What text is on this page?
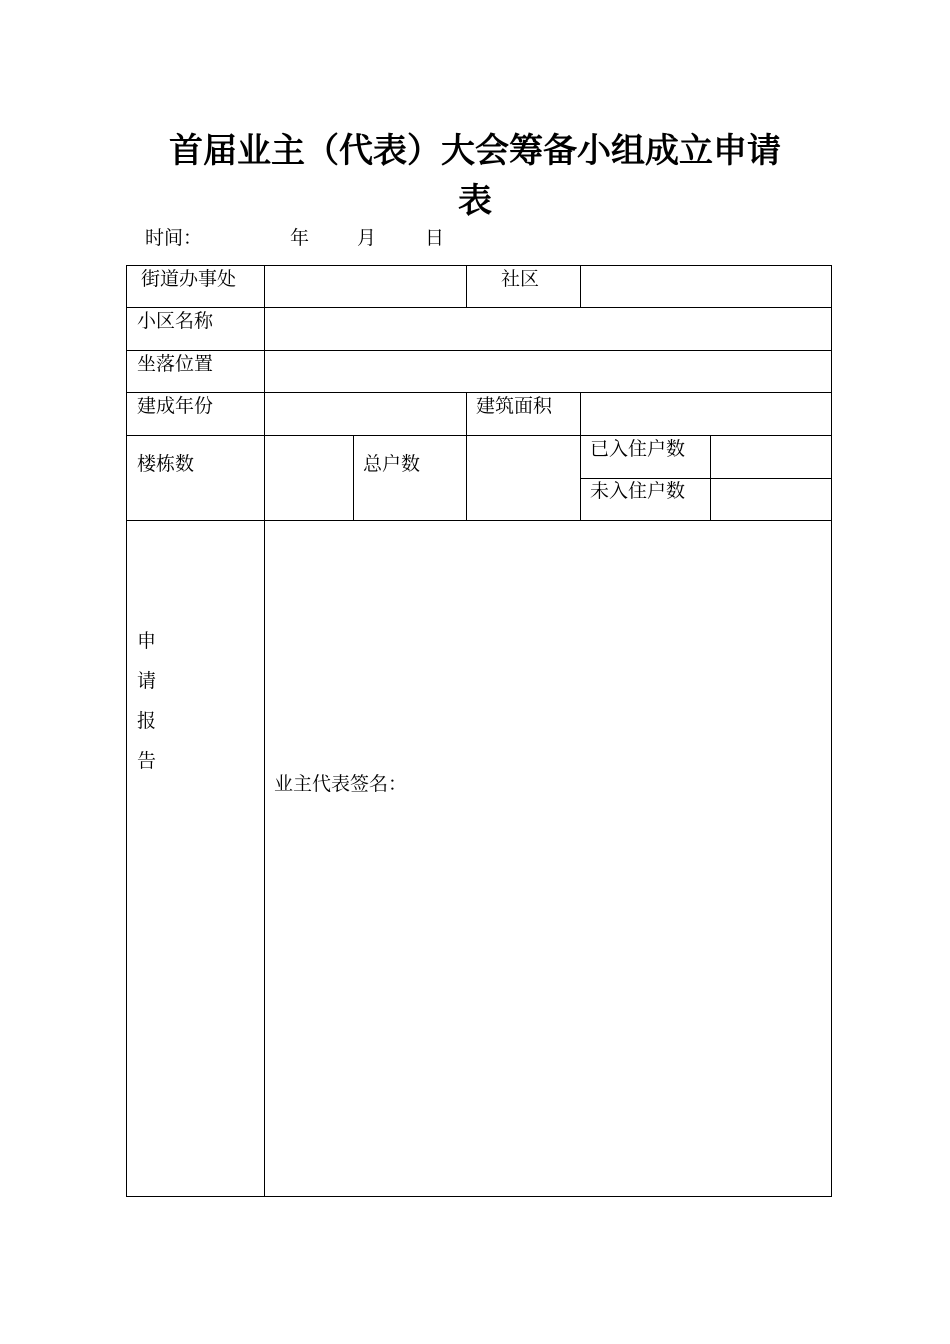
首届业主（代表）大会筹备小组成立申请
表
时间：	年	月	日
街道办事处	社区
小区名称
坐落位置
建成年份	建筑面积
楼栋数	总户数
已入住户数
未入住户数
申
请
报
告
业主代表签名：
